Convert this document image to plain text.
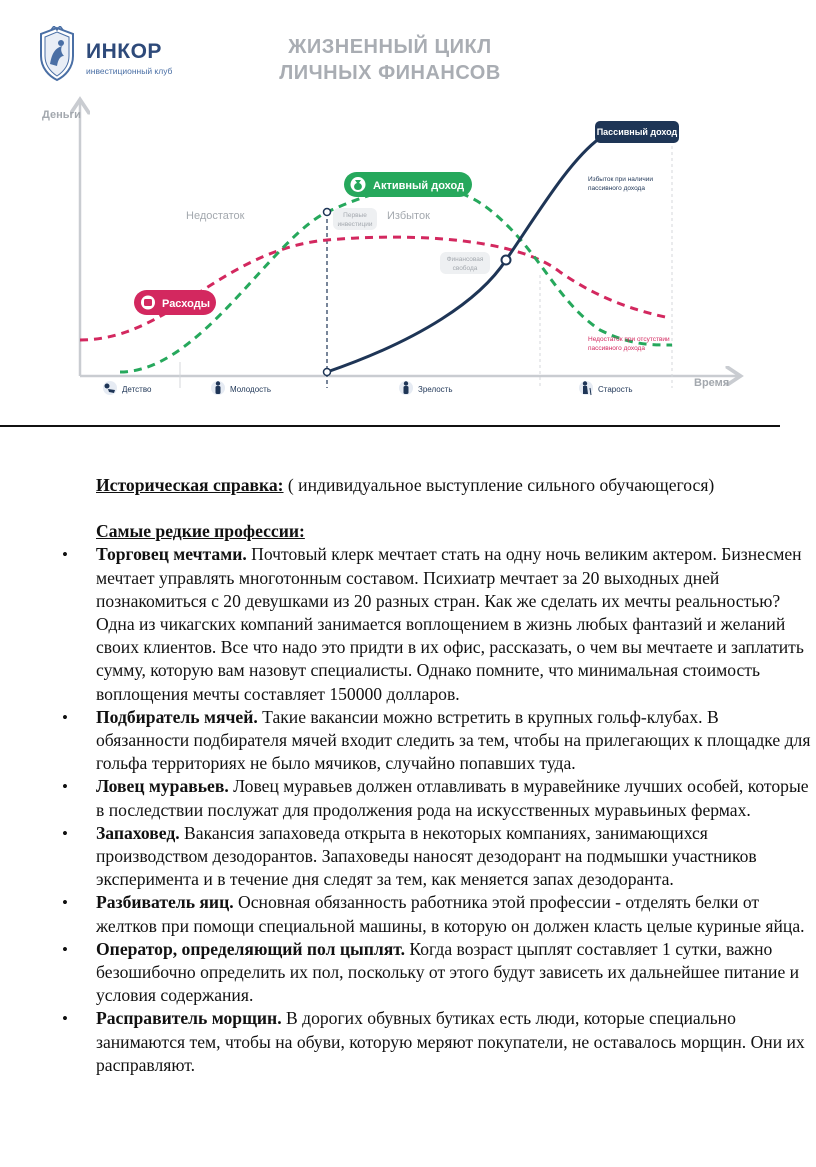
ИНКОР
инвестиционный клуб
ЖИЗНЕННЫЙ ЦИКЛ
ЛИЧНЫХ ФИНАНСОВ
Деньги
Время
Недостаток	Избыток
Первые
инвестиции
Финансовая
свобода
Избыток при наличии
пассивного дохода
Недостаток при отсутствии
пассивного дохода
Расходы
Активный доход
Пассивный доход
Детство	Молодость	Зрелость	Старость

Историческая справка: ( индивидуальное выступление сильного обучающегося)

Самые редкие профессии:

• Торговец мечтами. Почтовый клерк мечтает стать на одну ночь великим актером. Бизнесмен мечтает управлять многотонным составом. Психиатр мечтает за 20 выходных дней познакомиться с 20 девушками из 20 разных стран. Как же сделать их мечты реальностью? Одна из чикагских компаний занимается воплощением в жизнь любых фантазий и желаний своих клиентов. Все что надо это придти в их офис, рассказать, о чем вы мечтаете и заплатить сумму, которую вам назовут специалисты. Однако помните, что минимальная стоимость воплощения мечты составляет 150000 долларов.
• Подбиратель мячей. Такие вакансии можно встретить в крупных гольф-клубах. В обязанности подбирателя мячей входит следить за тем, чтобы на прилегающих к площадке для гольфа территориях не было мячиков, случайно попавших туда.
• Ловец муравьев. Ловец муравьев должен отлавливать в муравейнике лучших особей, которые в последствии послужат для продолжения рода на искусственных муравьиных фермах.
• Запаховед. Вакансия запаховеда открыта в некоторых компаниях, занимающихся производством дезодорантов. Запаховеды наносят дезодорант на подмышки участников эксперимента и в течение дня следят за тем, как меняется запах дезодоранта.
• Разбиватель яиц. Основная обязанность работника этой профессии - отделять белки от желтков при помощи специальной машины, в которую он должен класть целые куриные яйца.
• Оператор, определяющий пол цыплят. Когда возраст цыплят составляет 1 сутки, важно безошибочно определить их пол, поскольку от этого будут зависеть их дальнейшее питание и условия содержания.
• Расправитель морщин. В дорогих обувных бутиках есть люди, которые специально занимаются тем, чтобы на обуви, которую меряют покупатели, не оставалось морщин. Они их расправляют.
